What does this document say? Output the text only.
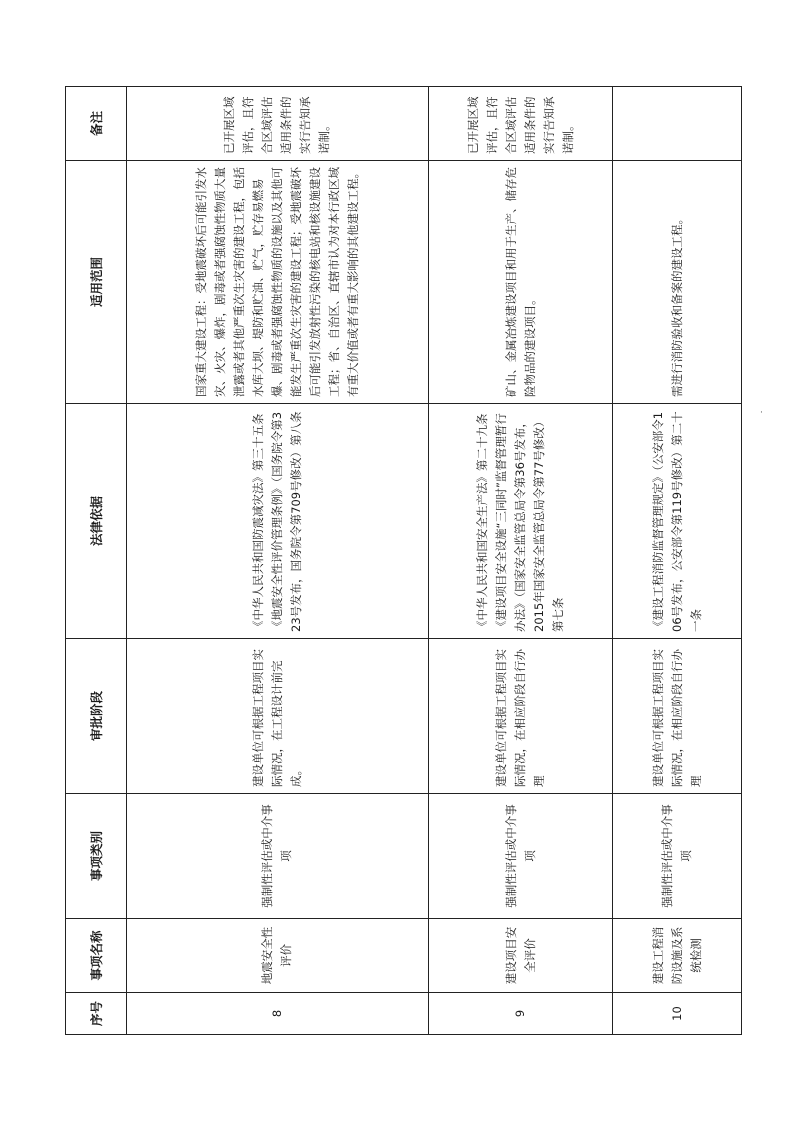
序号	事项名称	事项类别	审批阶段	法律依据	适用范围	备注
8	地震安全性评价	强制性评估或中介事项	建设单位可根据工程项目实际情况，在工程设计前完成。	《中华人民共和国防震减灾法》第三十五条
《地震安全性评价管理条例》（国务院令第323号发布，国务院令第709号修改）第八条	国家重大建设工程：受地震破坏后可能引发水灾、火灾、爆炸，剧毒或者强腐蚀性物质大量泄露或者其他严重次生灾害的建设工程，包括水库大坝、堤防和贮油、贮气，贮存易燃易爆、剧毒或者强腐蚀性物质的设施以及其他可能发生严重次生灾害的建设工程；受地震破坏后可能引发放射性污染的核电站和核设施建设工程；省、自治区、直辖市认为对本行政区域有重大价值或者有重大影响的其他建设工程。	已开展区域评估，且符合区域评估适用条件的实行告知承诺制。
9	建设项目安全评价	强制性评估或中介事项	建设单位可根据工程项目实际情况，在相应阶段自行办理	《中华人民共和国安全生产法》第二十九条
《建设项目安全设施“三同时”监督管理暂行办法》（国家安全监管总局令第36号发布，2015年国家安全监管总局令第77号修改）第七条	矿山、金属冶炼建设项目和用于生产、储存危险物品的建设项目。	已开展区域评估，且符合区域评估适用条件的实行告知承诺制。
10	建设工程消防设施及系统检测	强制性评估或中介事项	建设单位可根据工程项目实际情况，在相应阶段自行办理	《建设工程消防监督管理规定》（公安部令106号发布，公安部令第119号修改）第二十一条	需进行消防验收和备案的建设工程。	
·
